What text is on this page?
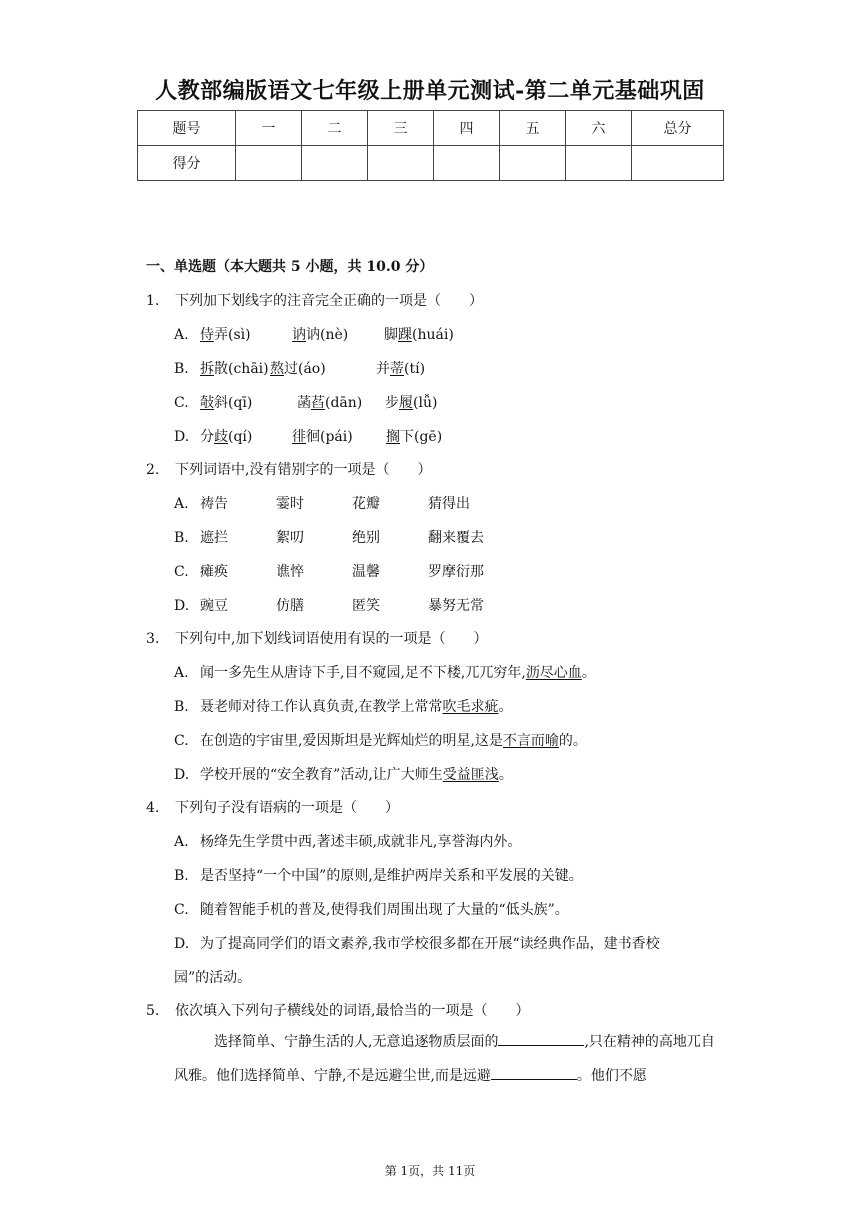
人教部编版语文七年级上册单元测试-第二单元基础巩固
题号	一	二	三	四	五	六	总分
得分							
一、单选题（本大题共 5 小题，共 10.0 分）
1. 下列加下划线字的注音完全正确的一项是（　　）
A. 侍弄(sì)	讷讷(nè)	脚踝(huái)
B. 拆散(chāi)熬过(áo)	并蒂(tí)
C. 敧斜(qī)	菡萏(dān) 步履(lǚ)
D. 分歧(qí)	徘徊(pái) 搁下(gē)
2. 下列词语中,没有错别字的一项是（　　）
A. 祷告	霎时	花瓣	猜得出
B. 遮拦	絮叨	绝别	翻来覆去
C. 瘫痪	谯悴	温馨	罗摩衍那
D. 豌豆	仿膳	匿笑	暴努无常
3. 下列句中,加下划线词语使用有误的一项是（　　）
A. 闻一多先生从唐诗下手,目不窥园,足不下楼,兀兀穷年,沥尽心血。
B. 聂老师对待工作认真负责,在教学上常常吹毛求疵。
C. 在创造的宇宙里,爱因斯坦是光辉灿烂的明星,这是不言而喻的。
D. 学校开展的“安全教育”活动,让广大师生受益匪浅。
4. 下列句子没有语病的一项是（　　）
A. 杨绛先生学贯中西,著述丰硕,成就非凡,享誉海内外。
B. 是否坚持“一个中国”的原则,是维护两岸关系和平发展的关键。
C. 随着智能手机的普及,使得我们周围出现了大量的“低头族”。
D. 为了提高同学们的语文素养,我市学校很多都在开展“读经典作品，建书香校
园”的活动。
5. 依次填入下列句子横线处的词语,最恰当的一项是（　　）
选择简单、宁静生活的人,无意追逐物质层面的	,只在精神的高地兀自风雅。他们选择简单、宁静,不是远避尘世,而是远避	。他们不愿
第 1页，共 11页
